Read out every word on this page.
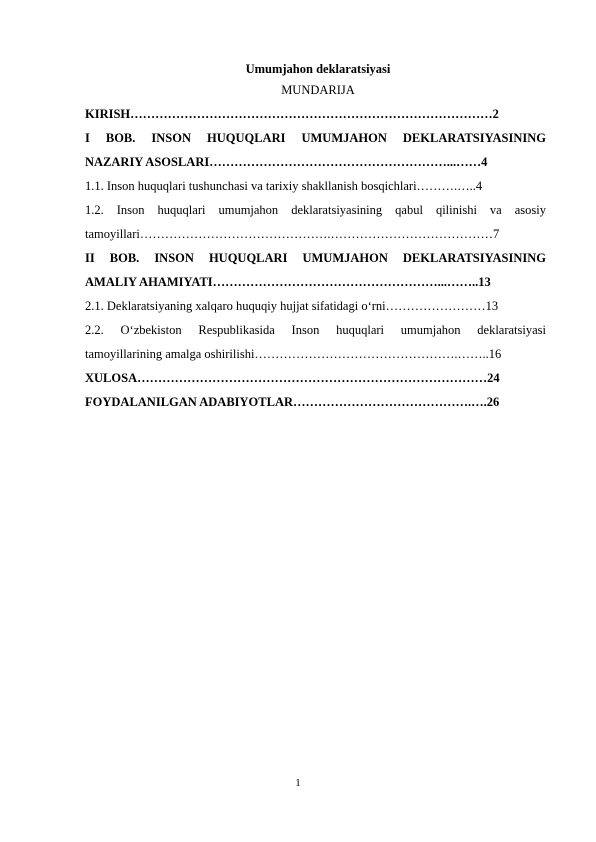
Umumjahon deklaratsiyasi
MUNDARIJA
KIRISH……………………………………………………………………………2
I BOB. INSON HUQUQLARI UMUMJAHON DEKLARATSIYASINING
NAZARIY ASOSLARI…………………………………………………...……4
1.1. Inson huquqlari tushunchasi va tarixiy shakllanish bosqichlari……….…..4
1.2. Inson huquqlari umumjahon deklaratsiyasining qabul qilinishi va asosiy
tamoyillari……………………………………….…………………………………7
II BOB. INSON HUQUQLARI UMUMJAHON DEKLARATSIYASINING
AMALIY AHAMIYATI………………………………………………...……..13
2.1. Deklaratsiyaning xalqaro huquqiy hujjat sifatidagi o‘rni……………………13
2.2. O‘zbekiston Respublikasida Inson huquqlari umumjahon deklaratsiyasi
tamoyillarining amalga oshirilishi………………………………………….……..16
XULOSA…………………………………………………………………………24
FOYDALANILGAN ADABIYOTLAR…………………………………….….26
1
